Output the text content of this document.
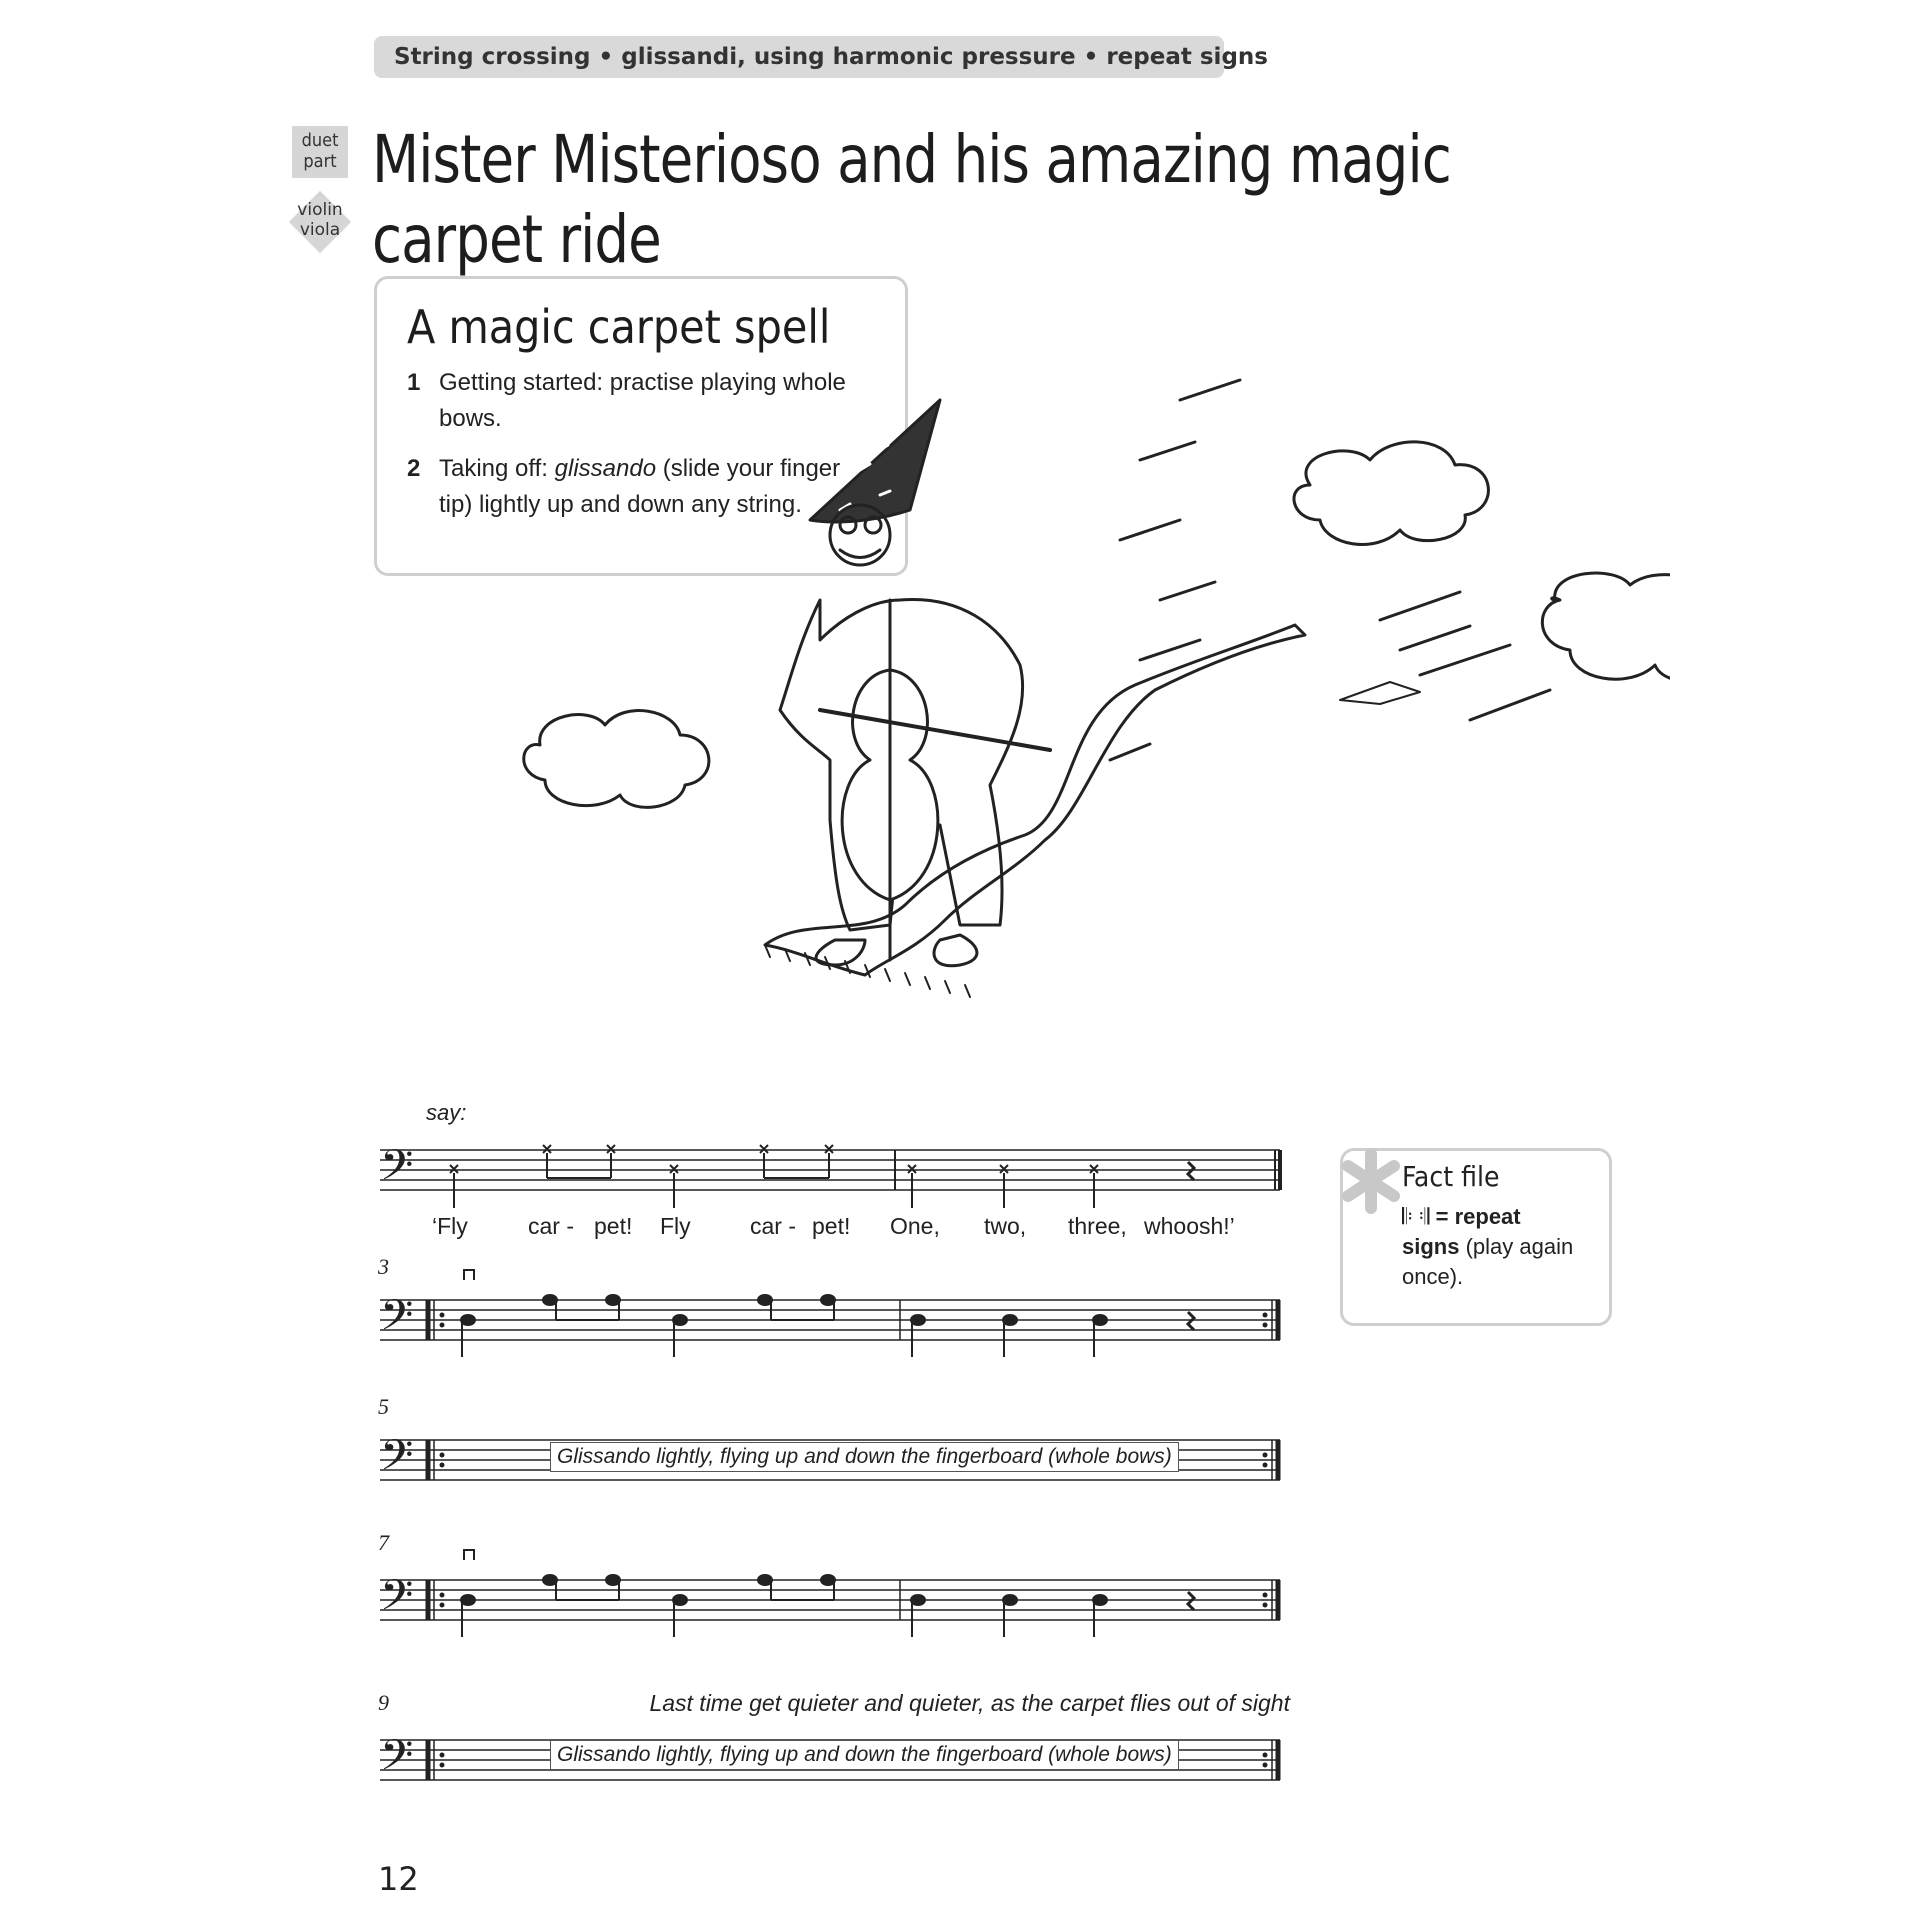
String crossing • glissandi, using harmonic pressure • repeat signs
duet part
violin viola
Mister Misterioso and his amazing magic carpet ride
A magic carpet spell
1 Getting started: practise playing whole bows.
2 Taking off: glissando (slide your finger tip) lightly up and down any string.
say:
𝄢
𝄢
𝄢
𝄢
𝄢
‘Fly	car - pet! Fly	car - pet! One, two, three, whoosh!’
3
5
7
9
Glissando lightly, flying up and down the fingerboard (whole bows)
Glissando lightly, flying up and down the fingerboard (whole bows)
Last time get quieter and quieter, as the carpet flies out of sight
Fact file
𝄆 𝄇 = repeat
signs (play again once).
12
